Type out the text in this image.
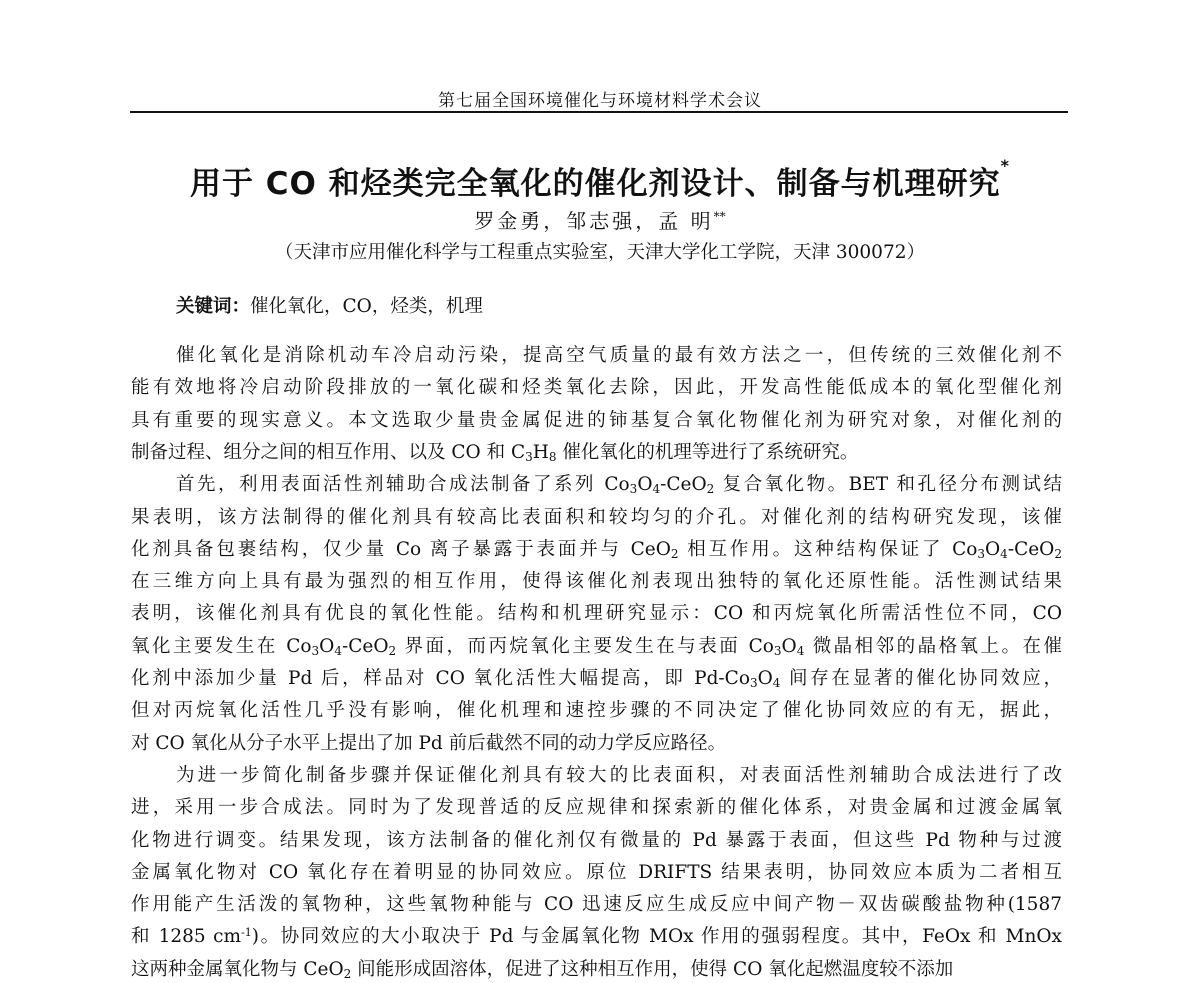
第七届全国环境催化与环境材料学术会议
用于 CO 和烃类完全氧化的催化剂设计、制备与机理研究*
罗金勇，邹志强，孟 明**
（天津市应用催化科学与工程重点实验室，天津大学化工学院，天津 300072）
关键词：催化氧化，CO，烃类，机理
催化氧化是消除机动车冷启动污染，提高空气质量的最有效方法之一，但传统的三效催化剂不
能有效地将冷启动阶段排放的一氧化碳和烃类氧化去除，因此，开发高性能低成本的氧化型催化剂
具有重要的现实意义。本文选取少量贵金属促进的铈基复合氧化物催化剂为研究对象，对催化剂的
制备过程、组分之间的相互作用、以及 CO 和 $C_3H_8$ 催化氧化的机理等进行了系统研究。
首先，利用表面活性剂辅助合成法制备了系列 $Co_3O_4-CeO_2$ 复合氧化物。BET 和孔径分布测试结
果表明，该方法制得的催化剂具有较高比表面积和较均匀的介孔。对催化剂的结构研究发现，该催
化剂具备包裹结构，仅少量 Co 离子暴露于表面并与 CeO$_2$ 相互作用。这种结构保证了 $Co_3O_4-CeO_2$
在三维方向上具有最为强烈的相互作用，使得该催化剂表现出独特的氧化还原性能。活性测试结果
表明，该催化剂具有优良的氧化性能。结构和机理研究显示：CO 和丙烷氧化所需活性位不同，CO
氧化主要发生在 $Co_3O_4-CeO_2$ 界面，而丙烷氧化主要发生在与表面 $Co_3O_4$ 微晶相邻的晶格氧上。在催
化剂中添加少量 Pd 后，样品对 CO 氧化活性大幅提高，即 $Pd-Co_3O_4$ 间存在显著的催化协同效应，
但对丙烷氧化活性几乎没有影响，催化机理和速控步骤的不同决定了催化协同效应的有无，据此，
对 CO 氧化从分子水平上提出了加 Pd 前后截然不同的动力学反应路径。
为进一步简化制备步骤并保证催化剂具有较大的比表面积，对表面活性剂辅助合成法进行了改
进，采用一步合成法。同时为了发现普适的反应规律和探索新的催化体系，对贵金属和过渡金属氧
化物进行调变。结果发现，该方法制备的催化剂仅有微量的 Pd 暴露于表面，但这些 Pd 物种与过渡
金属氧化物对 CO 氧化存在着明显的协同效应。原位 DRIFTS 结果表明，协同效应本质为二者相互
作用能产生活泼的氧物种，这些氧物种能与 CO 迅速反应生成反应中间产物－双齿碳酸盐物种(1587
和 1285 $cm^{-1}$)。协同效应的大小取决于 Pd 与金属氧化物 MOx 作用的强弱程度。其中，FeOx 和 MnOx
这两种金属氧化物与 CeO$_2$ 间能形成固溶体，促进了这种相互作用，使得 CO 氧化起燃温度较不添加
